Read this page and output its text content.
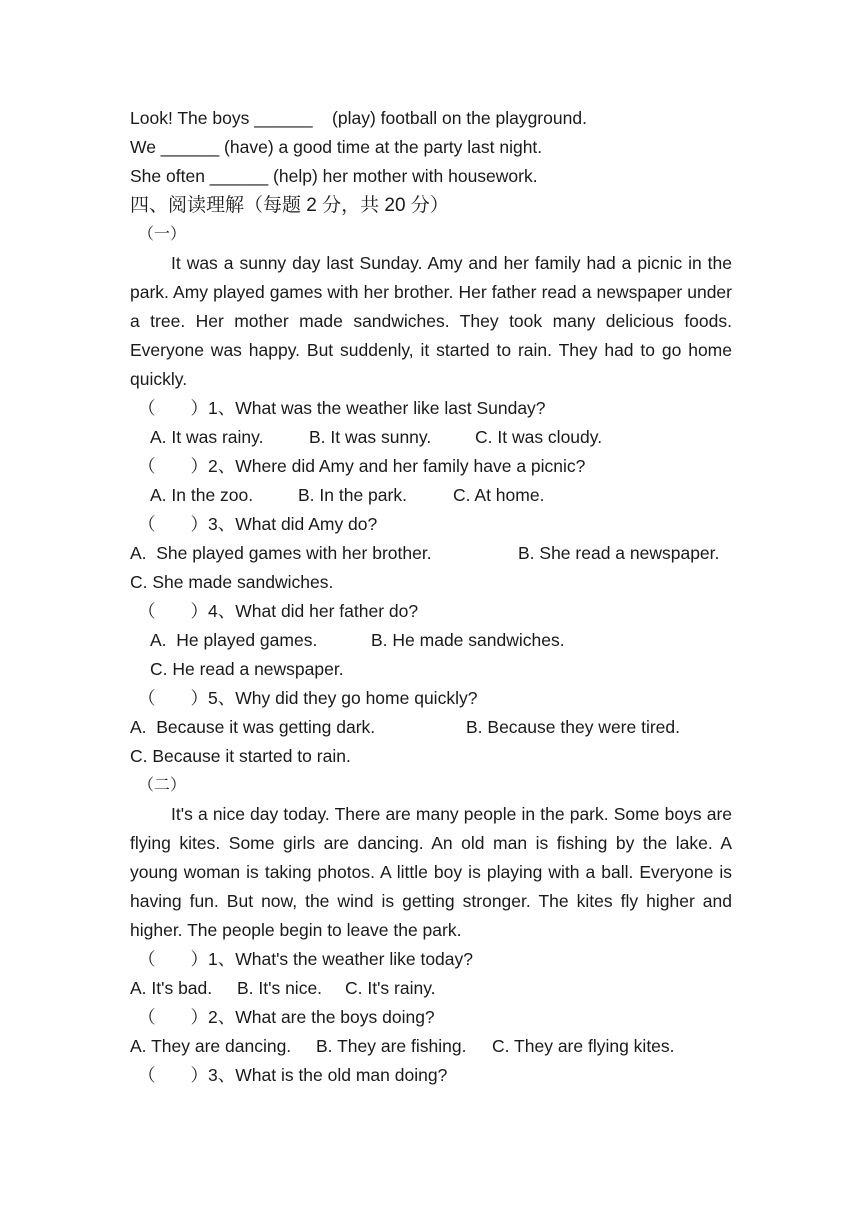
Look! The boys ______    (play) football on the playground.
We ______ (have) a good time at the party last night.
She often ______ (help) her mother with housework.
四、阅读理解（每题 2 分，共 20 分）
（一）
It was a sunny day last Sunday. Amy and her family had a picnic in the park. Amy played games with her brother. Her father read a newspaper under a tree. Her mother made sandwiches. They took many delicious foods. Everyone was happy. But suddenly, it started to rain. They had to go home quickly.
（　　）1、What was the weather like last Sunday?
A. It was rainy.	B. It was sunny.	C. It was cloudy.
（　　）2、Where did Amy and her family have a picnic?
A. In the zoo.	B. In the park.	C. At home.
（　　）3、What did Amy do?
A.  She played games with her brother.	B. She read a newspaper.
C. She made sandwiches.
（　　）4、What did her father do?
A.  He played games.	B. He made sandwiches.
C. He read a newspaper.
（　　）5、Why did they go home quickly?
A.  Because it was getting dark.	B. Because they were tired.
C. Because it started to rain.
（二）
It's a nice day today. There are many people in the park. Some boys are flying kites. Some girls are dancing. An old man is fishing by the lake. A young woman is taking photos. A little boy is playing with a ball. Everyone is having fun. But now, the wind is getting stronger. The kites fly higher and higher. The people begin to leave the park.
（　　）1、What's the weather like today?
A. It's bad.	B. It's nice.	C. It's rainy.
（　　）2、What are the boys doing?
A. They are dancing.	B. They are fishing.	C. They are flying kites.
（　　）3、What is the old man doing?
